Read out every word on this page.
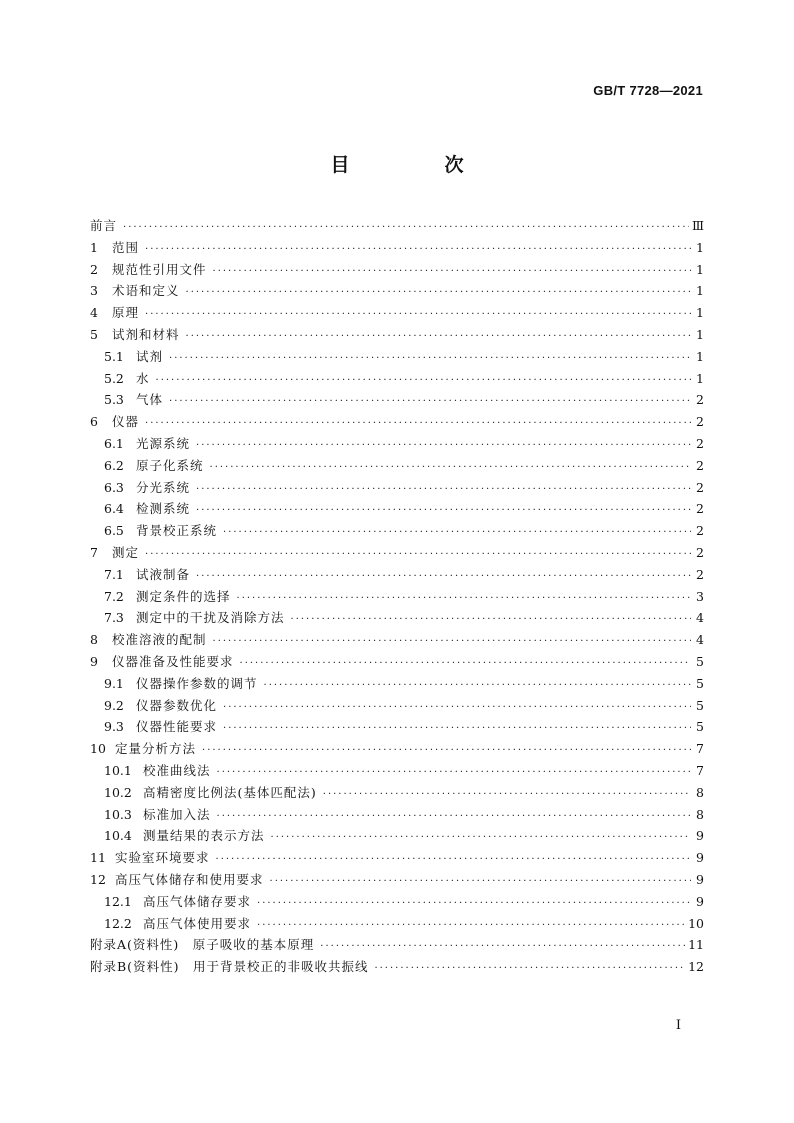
GB/T 7728—2021
目　次
前言 ·····	Ⅲ
1	范围 ·····	1
2	规范性引用文件 ·····	1
3	术语和定义 ·····	1
4	原理 ·····	1
5	试剂和材料 ·····	1
5.1 试剂 ·····	1
5.2 水 ·····	1
5.3 气体 ·····	2
6	仪器 ·····	2
6.1 光源系统 ·····	2
6.2 原子化系统 ·····	2
6.3 分光系统 ·····	2
6.4 检测系统 ·····	2
6.5 背景校正系统 ·····	2
7	测定 ·····	2
7.1 试液制备 ·····	2
7.2 测定条件的选择 ·····	3
7.3 测定中的干扰及消除方法 ·····	4
8	校准溶液的配制 ·····	4
9	仪器准备及性能要求 ·····	5
9.1 仪器操作参数的调节 ·····	5
9.2 仪器参数优化 ·····	5
9.3 仪器性能要求 ·····	5
10 定量分析方法 ·····	7
10.1 校准曲线法 ·····	7
10.2 高精密度比例法(基体匹配法) ·····	8
10.3 标准加入法 ·····	8
10.4 测量结果的表示方法 ·····	9
11 实验室环境要求 ·····	9
12 高压气体储存和使用要求 ·····	9
12.1 高压气体储存要求 ·····	9
12.2 高压气体使用要求 ·····	10
附录A(资料性)　原子吸收的基本原理 ·····	11
附录B(资料性)　用于背景校正的非吸收共振线 ·····	12
Ⅰ
